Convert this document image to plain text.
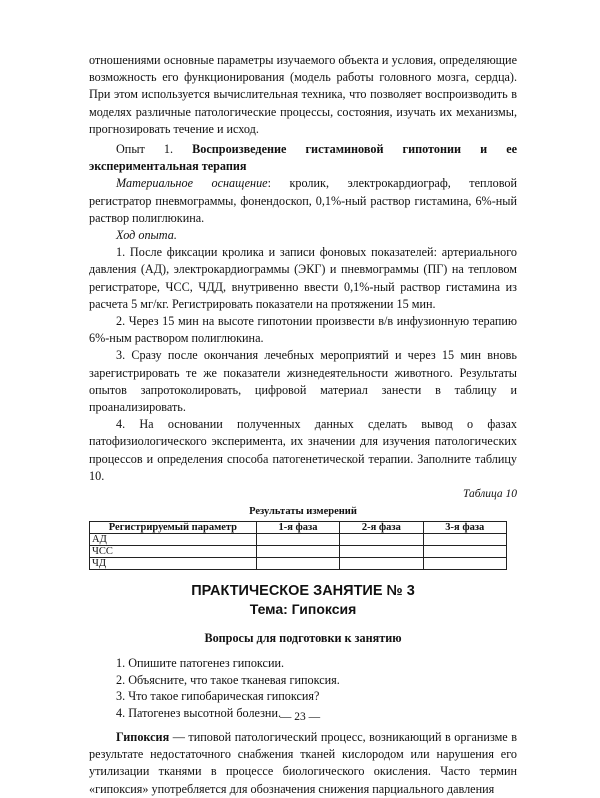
отношениями основные параметры изучаемого объекта и условия, определяющие возможность его функционирования (модель работы головного мозга, сердца). При этом используется вычислительная техника, что позволяет воспроизводить в моделях различные патологические процессы, состояния, изучать их механизмы, прогнозировать течение и исход.

Опыт 1. Воспроизведение гистаминовой гипотонии и ее экспериментальная терапия

Материальное оснащение: кролик, электрокардиограф, тепловой регистратор пневмограммы, фонендоскоп, 0,1%-ный раствор гистамина, 6%-ный раствор полиглюкина.

Ход опыта.

1. После фиксации кролика и записи фоновых показателей: артериального давления (АД), электрокардиограммы (ЭКГ) и пневмограммы (ПГ) на тепловом регистраторе, ЧСС, ЧДД, внутривенно ввести 0,1%-ный раствор гистамина из расчета 5 мг/кг. Регистрировать показатели на протяжении 15 мин.

2. Через 15 мин на высоте гипотонии произвести в/в инфузионную терапию 6%-ным раствором полиглюкина.

3. Сразу после окончания лечебных мероприятий и через 15 мин вновь зарегистрировать те же показатели жизнедеятельности животного. Результаты опытов запротоколировать, цифровой материал занести в таблицу и проанализировать.

4. На основании полученных данных сделать вывод о фазах патофизиологического эксперимента, их значении для изучения патологических процессов и определения способа патогенетической терапии. Заполните таблицу 10.

Таблица 10
Результаты измерений
Регистрируемый параметр	1-я фаза	2-я фаза	3-я фаза
АД			
ЧСС			
ЧД			
ПРАКТИЧЕСКОЕ ЗАНЯТИЕ № 3
Тема: Гипоксия
Вопросы для подготовки к занятию
1. Опишите патогенез гипоксии.
2. Объясните, что такое тканевая гипоксия.
3. Что такое гипобарическая гипоксия?
4. Патогенез высотной болезни.

Гипоксия — типовой патологический процесс, возникающий в организме в результате недостаточного снабжения тканей кислородом или нарушения его утилизации тканями в процессе биологического окисления. Часто термин «гипоксия» употребляется для обозначения снижения парциального давления

— 23 —
